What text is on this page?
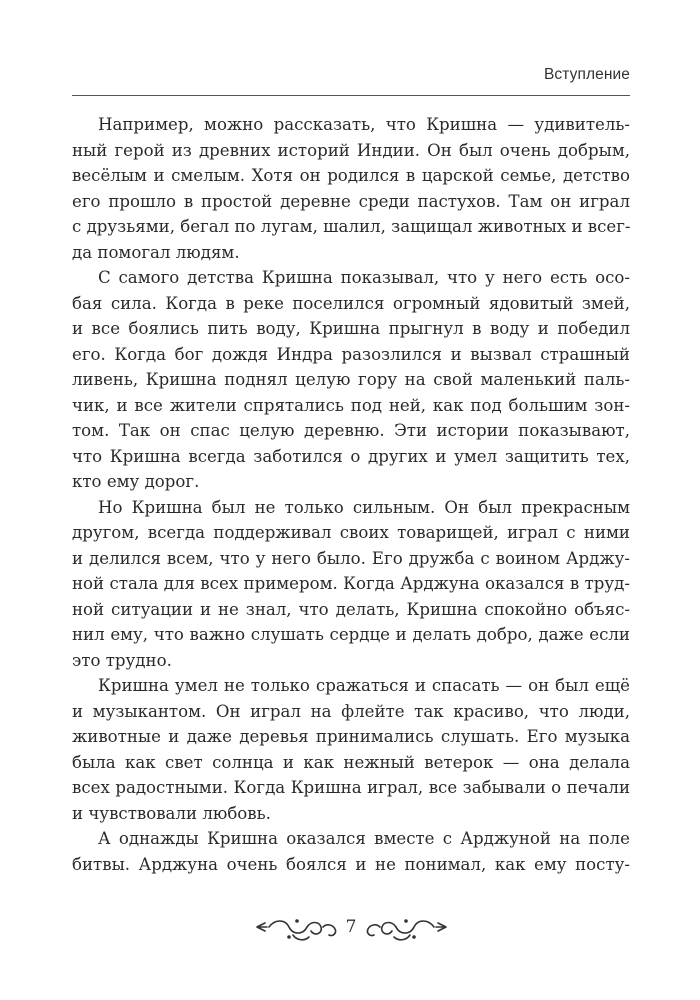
Вступление
Например, можно рассказать, что Кришна — удивитель-
ный герой из древних историй Индии. Он был очень добрым,
весёлым и смелым. Хотя он родился в царской семье, детство
его прошло в простой деревне среди пастухов. Там он играл
с друзьями, бегал по лугам, шалил, защищал животных и всег-
да помогал людям.
С самого детства Кришна показывал, что у него есть осо-
бая сила. Когда в реке поселился огромный ядовитый змей,
и все боялись пить воду, Кришна прыгнул в воду и победил
его. Когда бог дождя Индра разозлился и вызвал страшный
ливень, Кришна поднял целую гору на свой маленький паль-
чик, и все жители спрятались под ней, как под большим зон-
том. Так он спас целую деревню. Эти истории показывают,
что Кришна всегда заботился о других и умел защитить тех,
кто ему дорог.
Но Кришна был не только сильным. Он был прекрасным
другом, всегда поддерживал своих товарищей, играл с ними
и делился всем, что у него было. Его дружба с воином Арджу-
ной стала для всех примером. Когда Арджуна оказался в труд-
ной ситуации и не знал, что делать, Кришна спокойно объяс-
нил ему, что важно слушать сердце и делать добро, даже если
это трудно.
Кришна умел не только сражаться и спасать — он был ещё
и музыкантом. Он играл на флейте так красиво, что люди,
животные и даже деревья принимались слушать. Его музыка
была как свет солнца и как нежный ветерок — она делала
всех радостными. Когда Кришна играл, все забывали о печали
и чувствовали любовь.
А однажды Кришна оказался вместе с Арджуной на поле
битвы. Арджуна очень боялся и не понимал, как ему посту-
7
